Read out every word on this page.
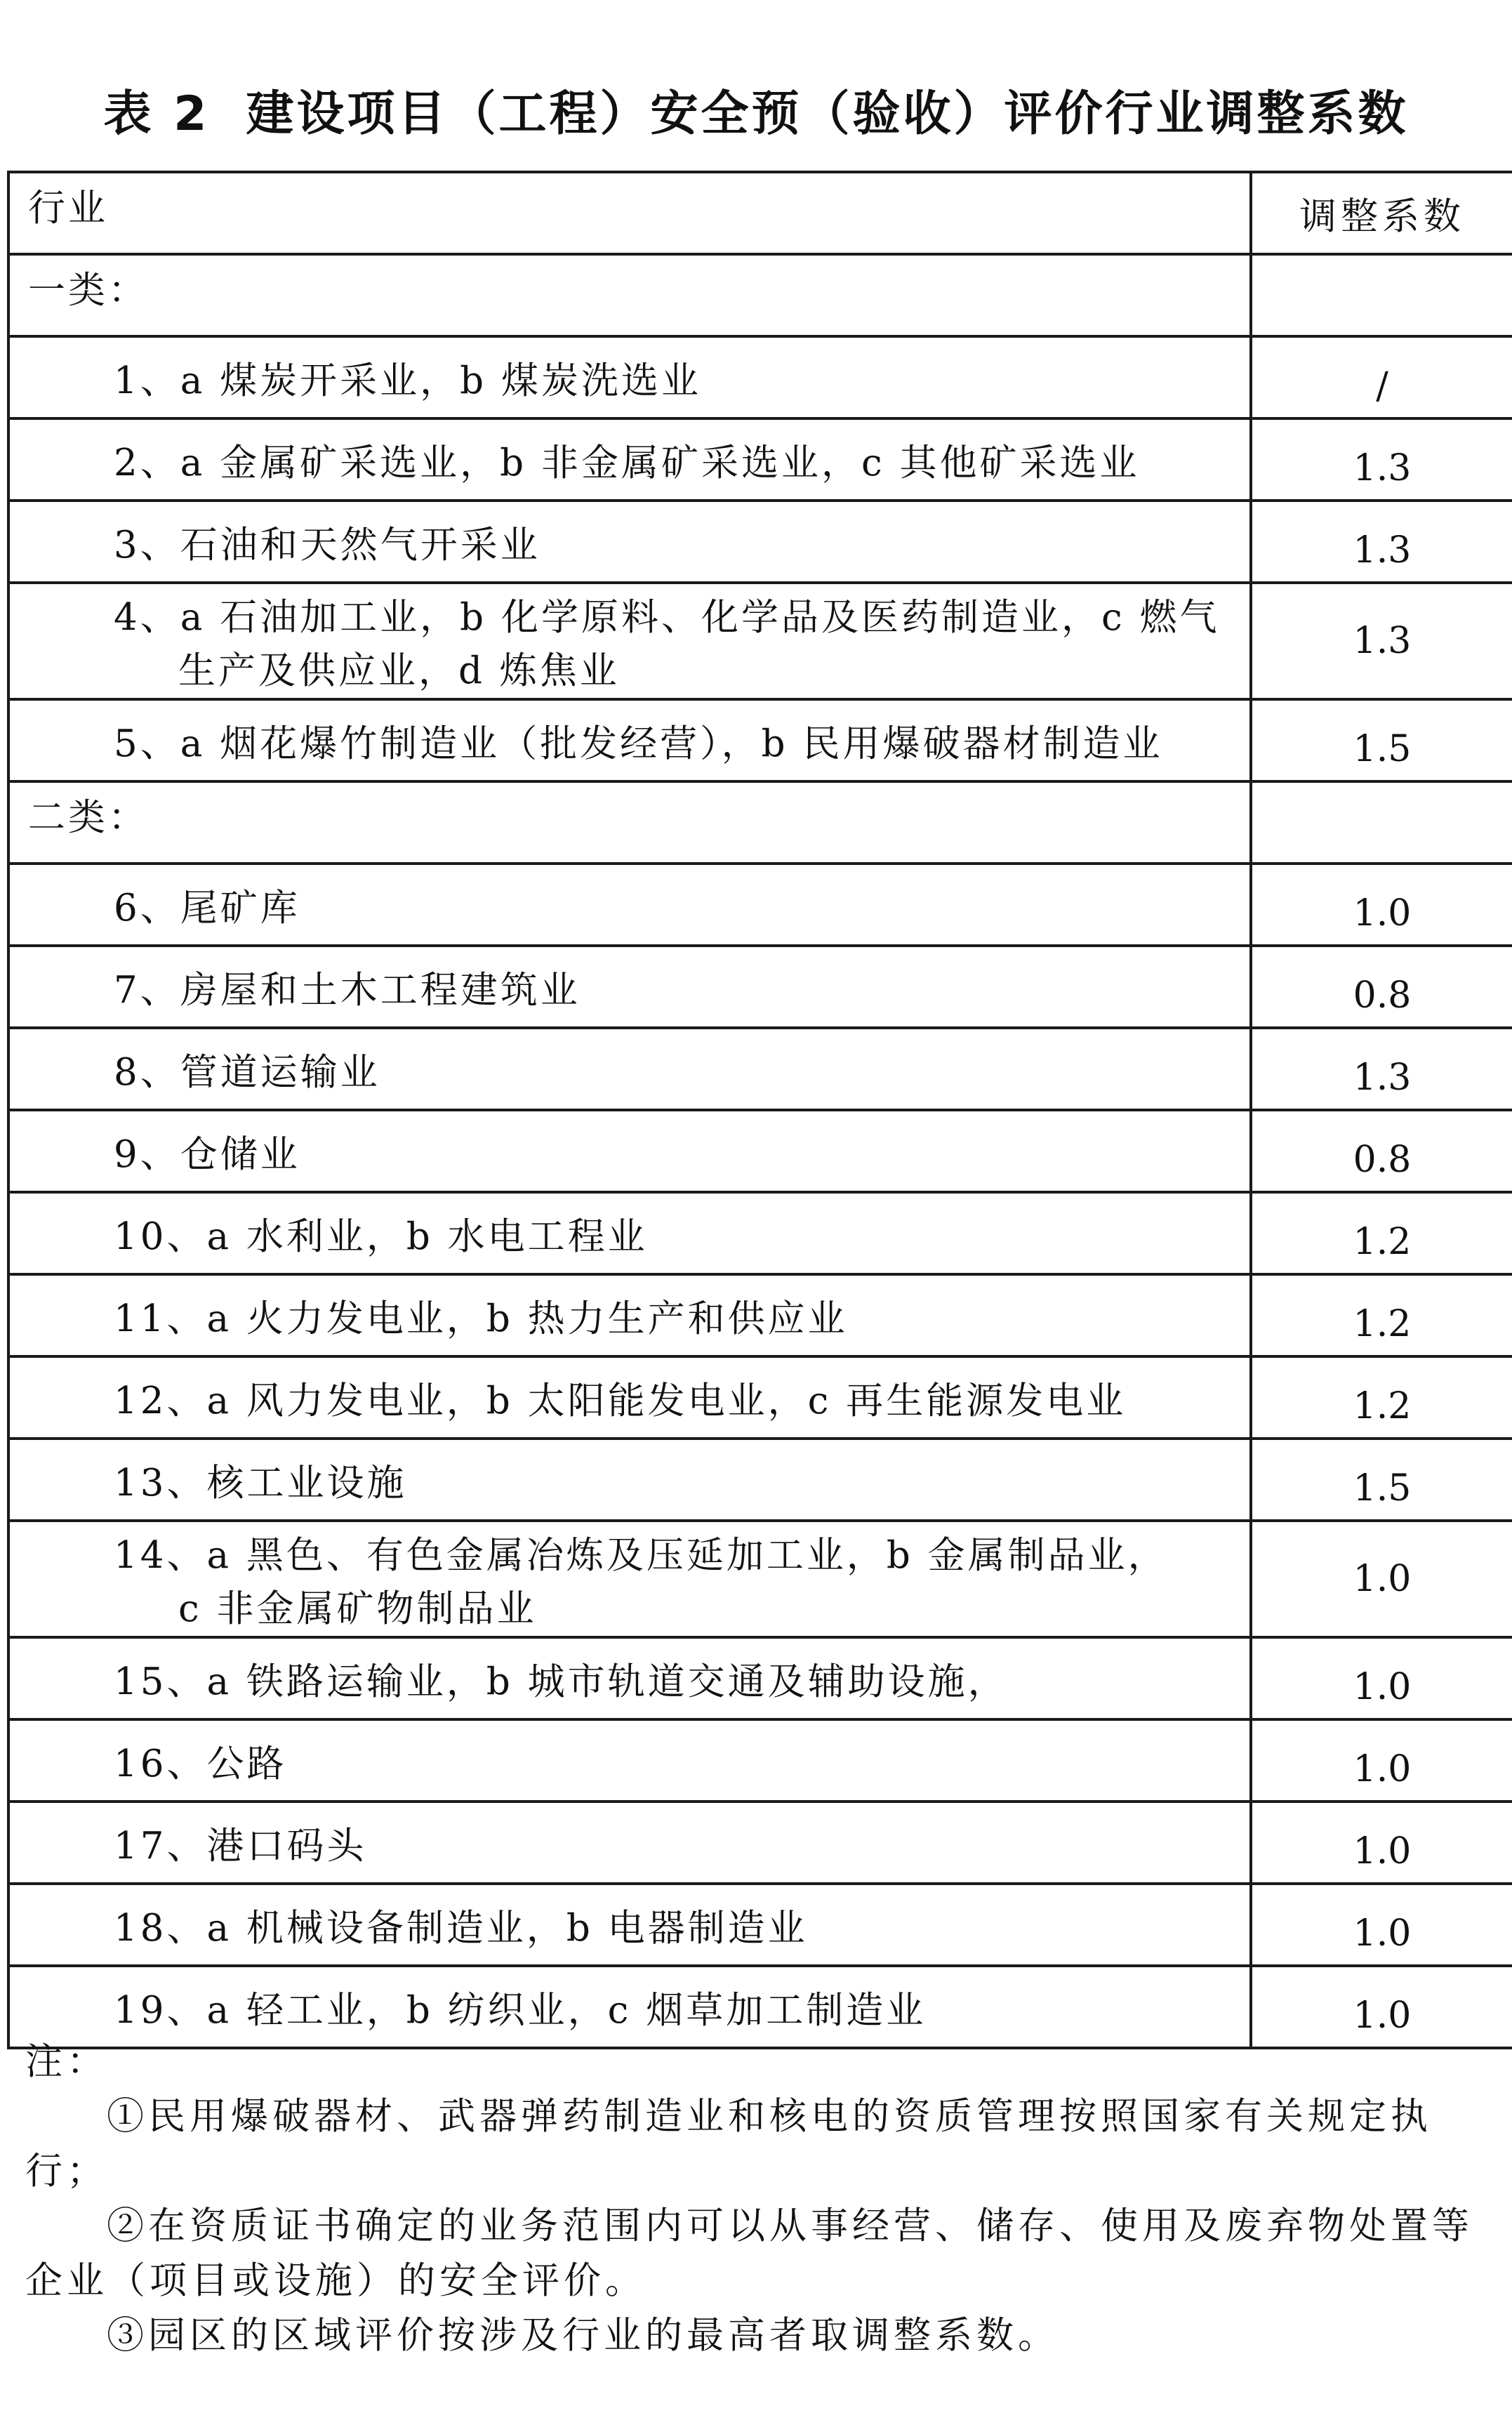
表 2 建设项目（工程）安全预（验收）评价行业调整系数
行业	调整系数
一类：	
1、a 煤炭开采业，b 煤炭洗选业	/
2、a 金属矿采选业，b 非金属矿采选业，c 其他矿采选业	1.3
3、石油和天然气开采业	1.3
4、a 石油加工业，b 化学原料、化学品及医药制造业，c 燃气
生产及供应业，d 炼焦业	1.3
5、a 烟花爆竹制造业（批发经营），b 民用爆破器材制造业	1.5
二类：	
6、尾矿库	1.0
7、房屋和土木工程建筑业	0.8
8、管道运输业	1.3
9、仓储业	0.8
10、a 水利业，b 水电工程业	1.2
11、a 火力发电业，b 热力生产和供应业	1.2
12、a 风力发电业，b 太阳能发电业，c 再生能源发电业	1.2
13、核工业设施	1.5
14、a 黑色、有色金属冶炼及压延加工业，b 金属制品业，
c 非金属矿物制品业	1.0
15、a 铁路运输业，b 城市轨道交通及辅助设施，	1.0
16、公路	1.0
17、港口码头	1.0
18、a 机械设备制造业，b 电器制造业	1.0
19、a 轻工业，b 纺织业，c 烟草加工制造业	1.0

注：

①民用爆破器材、武器弹药制造业和核电的资质管理按照国家有关规定执行；

②在资质证书确定的业务范围内可以从事经营、储存、使用及废弃物处置等企业（项目或设施）的安全评价。

③园区的区域评价按涉及行业的最高者取调整系数。
